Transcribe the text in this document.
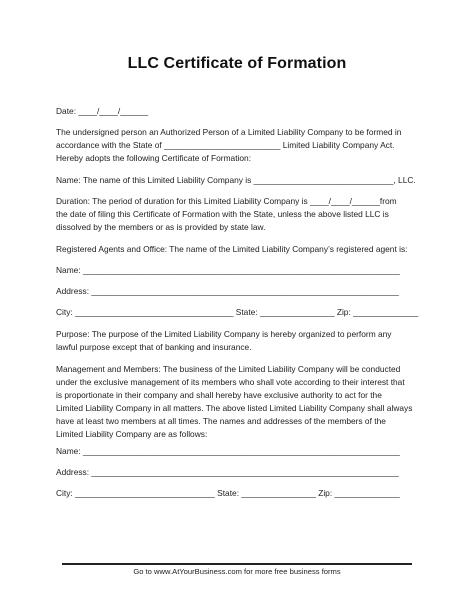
LLC Certificate of Formation
Date: ____/____/______
The undersigned person an Authorized Person of a Limited Liability Company to be formed in
accordance with the State of _________________________ Limited Liability Company Act.
Hereby adopts the following Certificate of Formation:
Name: The name of this Limited Liability Company is ______________________________, LLC.
Duration: The period of duration for this Limited Liability Company is ____/____/______from
the date of filing this Certificate of Formation with the State, unless the above listed LLC is
dissolved by the members or as is provided by state law.
Registered Agents and Office: The name of the Limited Liability Company’s registered agent is:
Name: ____________________________________________________________________
Address: __________________________________________________________________
City: __________________________________ State: ________________ Zip: ______________
Purpose: The purpose of the Limited Liability Company is hereby organized to perform any
lawful purpose except that of banking and insurance.
Management and Members: The business of the Limited Liability Company will be conducted
under the exclusive management of its members who shall vote according to their interest that
is proportionate in their company and shall hereby have exclusive authority to act for the
Limited Liability Company in all matters. The above listed Limited Liability Company shall always
have at least two members at all times. The names and addresses of the members of the
Limited Liability Company are as follows:
Name: ____________________________________________________________________
Address: __________________________________________________________________
City: ______________________________ State: ________________ Zip: ______________
Go to www.AtYourBusiness.com for more free business forms
